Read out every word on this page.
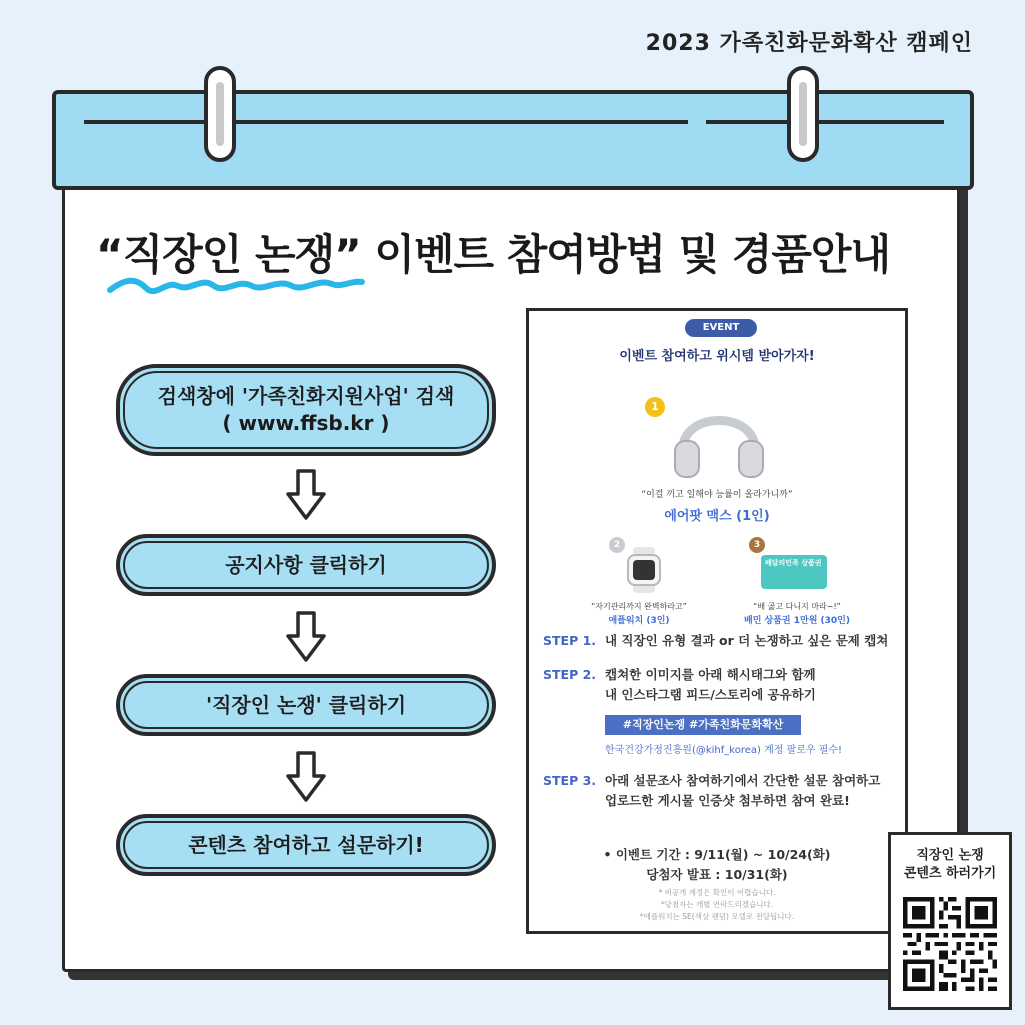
2023 가족친화문화확산 캠페인
“직장인 논쟁” 이벤트 참여방법 및 경품안내
검색창에 '가족친화지원사업' 검색
( www.ffsb.kr )
공지사항 클릭하기
'직장인 논쟁' 클릭하기
콘텐츠 참여하고 설문하기!
EVENT
이벤트 참여하고 위시템 받아가자!
1
“이걸 끼고 일해야 능률이 올라가니까”
에어팟 맥스 (1인)
2	3
배달의민족 상품권
“자기관리까지 완벽하라고”
애플워치 (3인)
“배 곯고 다니지 마라~!”
배민 상품권 1만원 (30인)
STEP 1. 내 직장인 유형 결과 or 더 논쟁하고 싶은 문제 캡쳐
STEP 2. 캡쳐한 이미지를 아래 해시태그와 함께
내 인스타그램 피드/스토리에 공유하기
#직장인논쟁 #가족친화문화확산
한국건강가정진흥원(@kihf_korea) 계정 팔로우 필수!
STEP 3. 아래 설문조사 참여하기에서 간단한 설문 참여하고
업로드한 게시물 인증샷 첨부하면 참여 완료!
• 이벤트 기간 : 9/11(월) ~ 10/24(화)
당첨자 발표 : 10/31(화)
* 비공개 계정은 확인이 어렵습니다.
*당첨자는 개별 연락드리겠습니다.
*애플워치는 SE(색상 랜덤) 모델로 전달됩니다.
직장인 논쟁
콘텐츠 하러가기
